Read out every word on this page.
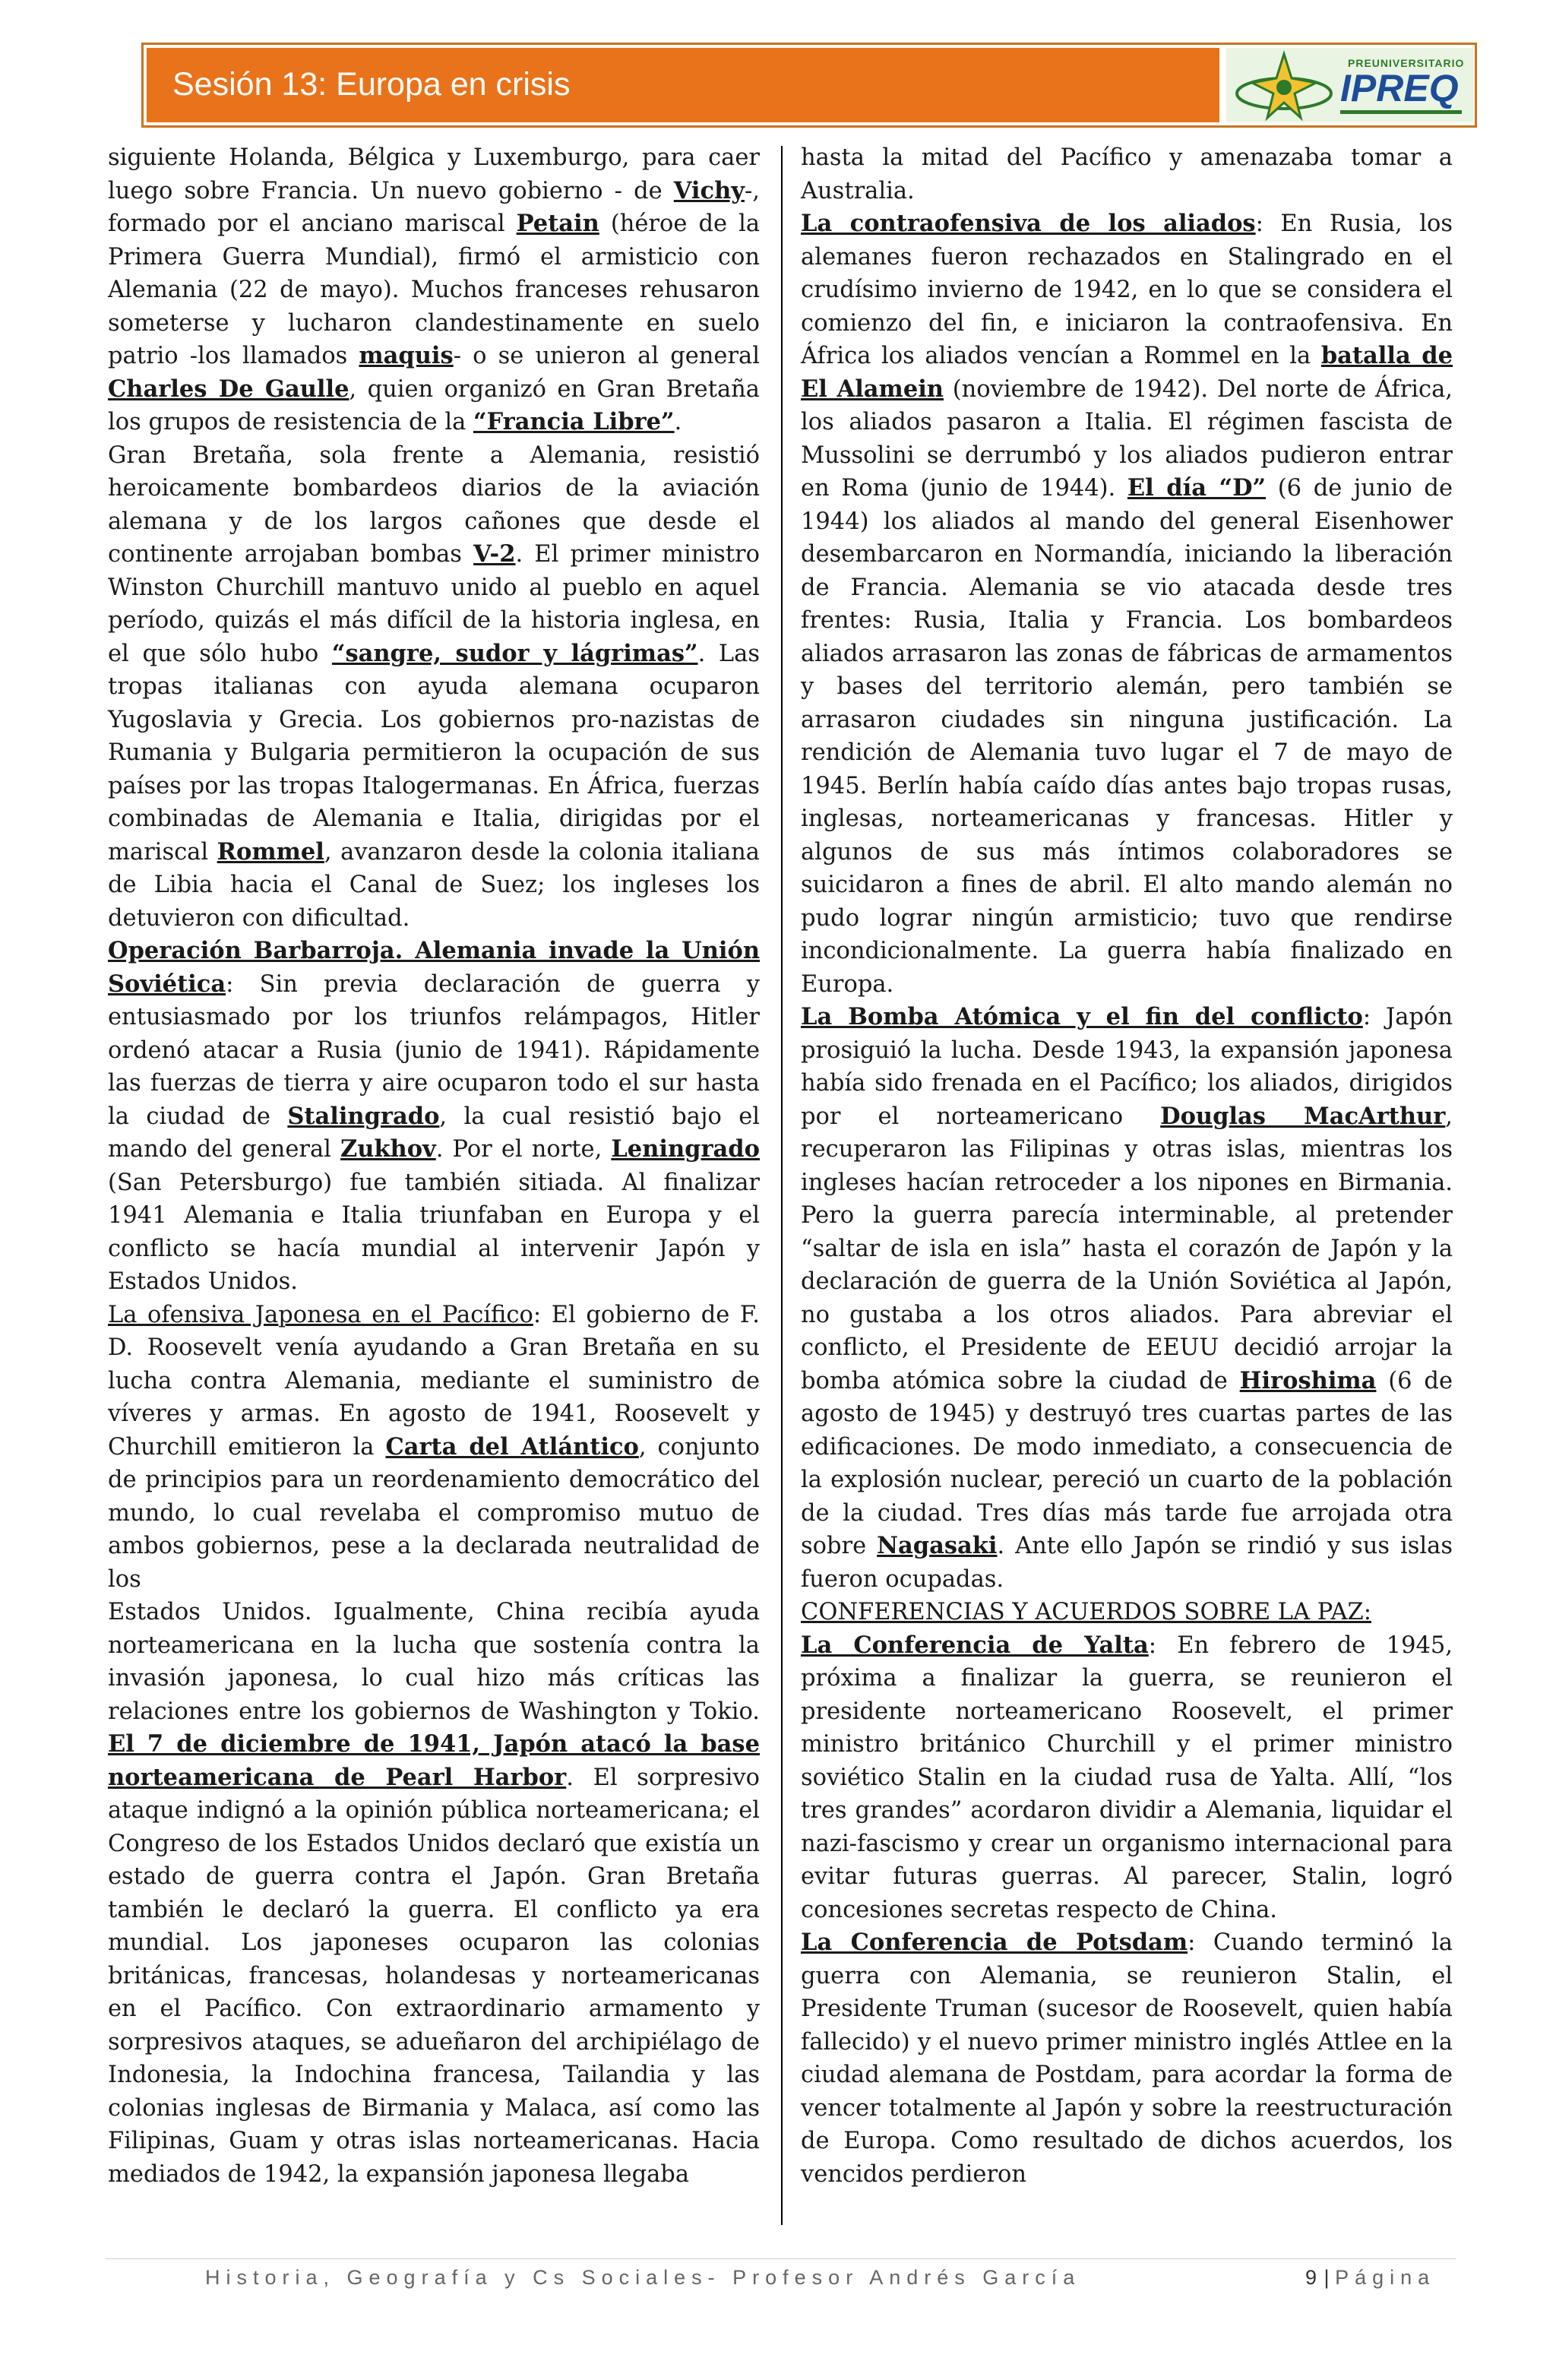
Sesión 13: Europa en crisis
PREUNIVERSITARIO
IPREQ

siguiente Holanda, Bélgica y Luxemburgo, para caer luego sobre Francia. Un nuevo gobierno - de Vichy-, formado por el anciano mariscal Petain (héroe de la Primera Guerra Mundial), firmó el armisticio con Alemania (22 de mayo). Muchos franceses rehusaron someterse y lucharon clandestinamente en suelo patrio -los llamados maquis- o se unieron al general Charles De Gaulle, quien organizó en Gran Bretaña los grupos de resistencia de la “Francia Libre”.

Gran Bretaña, sola frente a Alemania, resistió heroicamente bombardeos diarios de la aviación alemana y de los largos cañones que desde el continente arrojaban bombas V-2. El primer ministro Winston Churchill mantuvo unido al pueblo en aquel período, quizás el más difícil de la historia inglesa, en el que sólo hubo “sangre, sudor y lágrimas”. Las tropas italianas con ayuda alemana ocuparon Yugoslavia y Grecia. Los gobiernos pro-nazistas de Rumania y Bulgaria permitieron la ocupación de sus países por las tropas Italogermanas. En África, fuerzas combinadas de Alemania e Italia, dirigidas por el mariscal Rommel, avanzaron desde la colonia italiana de Libia hacia el Canal de Suez; los ingleses los detuvieron con dificultad.

Operación Barbarroja. Alemania invade la Unión Soviética: Sin previa declaración de guerra y entusiasmado por los triunfos relámpagos, Hitler ordenó atacar a Rusia (junio de 1941). Rápidamente las fuerzas de tierra y aire ocuparon todo el sur hasta la ciudad de Stalingrado, la cual resistió bajo el mando del general Zukhov. Por el norte, Leningrado (San Petersburgo) fue también sitiada. Al finalizar 1941 Alemania e Italia triunfaban en Europa y el conflicto se hacía mundial al intervenir Japón y Estados Unidos.

La ofensiva Japonesa en el Pacífico: El gobierno de F. D. Roosevelt venía ayudando a Gran Bretaña en su lucha contra Alemania, mediante el suministro de víveres y armas. En agosto de 1941, Roosevelt y Churchill emitieron la Carta del Atlántico, conjunto de principios para un reordenamiento democrático del mundo, lo cual revelaba el compromiso mutuo de ambos gobiernos, pese a la declarada neutralidad de los

Estados Unidos. Igualmente, China recibía ayuda norteamericana en la lucha que sostenía contra la invasión japonesa, lo cual hizo más críticas las relaciones entre los gobiernos de Washington y Tokio. El 7 de diciembre de 1941, Japón atacó la base norteamericana de Pearl Harbor. El sorpresivo ataque indignó a la opinión pública norteamericana; el Congreso de los Estados Unidos declaró que existía un estado de guerra contra el Japón. Gran Bretaña también le declaró la guerra. El conflicto ya era mundial. Los japoneses ocuparon las colonias británicas, francesas, holandesas y norteamericanas en el Pacífico. Con extraordinario armamento y sorpresivos ataques, se adueñaron del archipiélago de Indonesia, la Indochina francesa, Tailandia y las colonias inglesas de Birmania y Malaca, así como las Filipinas, Guam y otras islas norteamericanas. Hacia mediados de 1942, la expansión japonesa llegaba

hasta la mitad del Pacífico y amenazaba tomar a Australia.

La contraofensiva de los aliados: En Rusia, los alemanes fueron rechazados en Stalingrado en el crudísimo invierno de 1942, en lo que se considera el comienzo del fin, e iniciaron la contraofensiva. En África los aliados vencían a Rommel en la batalla de El Alamein (noviembre de 1942). Del norte de África, los aliados pasaron a Italia. El régimen fascista de Mussolini se derrumbó y los aliados pudieron entrar en Roma (junio de 1944). El día “D” (6 de junio de 1944) los aliados al mando del general Eisenhower desembarcaron en Normandía, iniciando la liberación de Francia. Alemania se vio atacada desde tres frentes: Rusia, Italia y Francia. Los bombardeos aliados arrasaron las zonas de fábricas de armamentos y bases del territorio alemán, pero también se arrasaron ciudades sin ninguna justificación. La rendición de Alemania tuvo lugar el 7 de mayo de 1945. Berlín había caído días antes bajo tropas rusas, inglesas, norteamericanas y francesas. Hitler y algunos de sus más íntimos colaboradores se suicidaron a fines de abril. El alto mando alemán no pudo lograr ningún armisticio; tuvo que rendirse incondicionalmente. La guerra había finalizado en Europa.

La Bomba Atómica y el fin del conflicto: Japón prosiguió la lucha. Desde 1943, la expansión japonesa había sido frenada en el Pacífico; los aliados, dirigidos por el norteamericano Douglas MacArthur, recuperaron las Filipinas y otras islas, mientras los ingleses hacían retroceder a los nipones en Birmania. Pero la guerra parecía interminable, al pretender “saltar de isla en isla” hasta el corazón de Japón y la declaración de guerra de la Unión Soviética al Japón, no gustaba a los otros aliados. Para abreviar el conflicto, el Presidente de EEUU decidió arrojar la bomba atómica sobre la ciudad de Hiroshima (6 de agosto de 1945) y destruyó tres cuartas partes de las edificaciones. De modo inmediato, a consecuencia de la explosión nuclear, pereció un cuarto de la población de la ciudad. Tres días más tarde fue arrojada otra sobre Nagasaki. Ante ello Japón se rindió y sus islas fueron ocupadas.

CONFERENCIAS Y ACUERDOS SOBRE LA PAZ:

La Conferencia de Yalta: En febrero de 1945, próxima a finalizar la guerra, se reunieron el presidente norteamericano Roosevelt, el primer ministro británico Churchill y el primer ministro soviético Stalin en la ciudad rusa de Yalta. Allí, “los tres grandes” acordaron dividir a Alemania, liquidar el nazi-fascismo y crear un organismo internacional para evitar futuras guerras. Al parecer, Stalin, logró concesiones secretas respecto de China.

La Conferencia de Potsdam: Cuando terminó la guerra con Alemania, se reunieron Stalin, el Presidente Truman (sucesor de Roosevelt, quien había fallecido) y el nuevo primer ministro inglés Attlee en la ciudad alemana de Postdam, para acordar la forma de vencer totalmente al Japón y sobre la reestructuración de Europa. Como resultado de dichos acuerdos, los vencidos perdieron

Historia, Geografía y Cs Sociales- Profesor Andrés García	9 | Página
